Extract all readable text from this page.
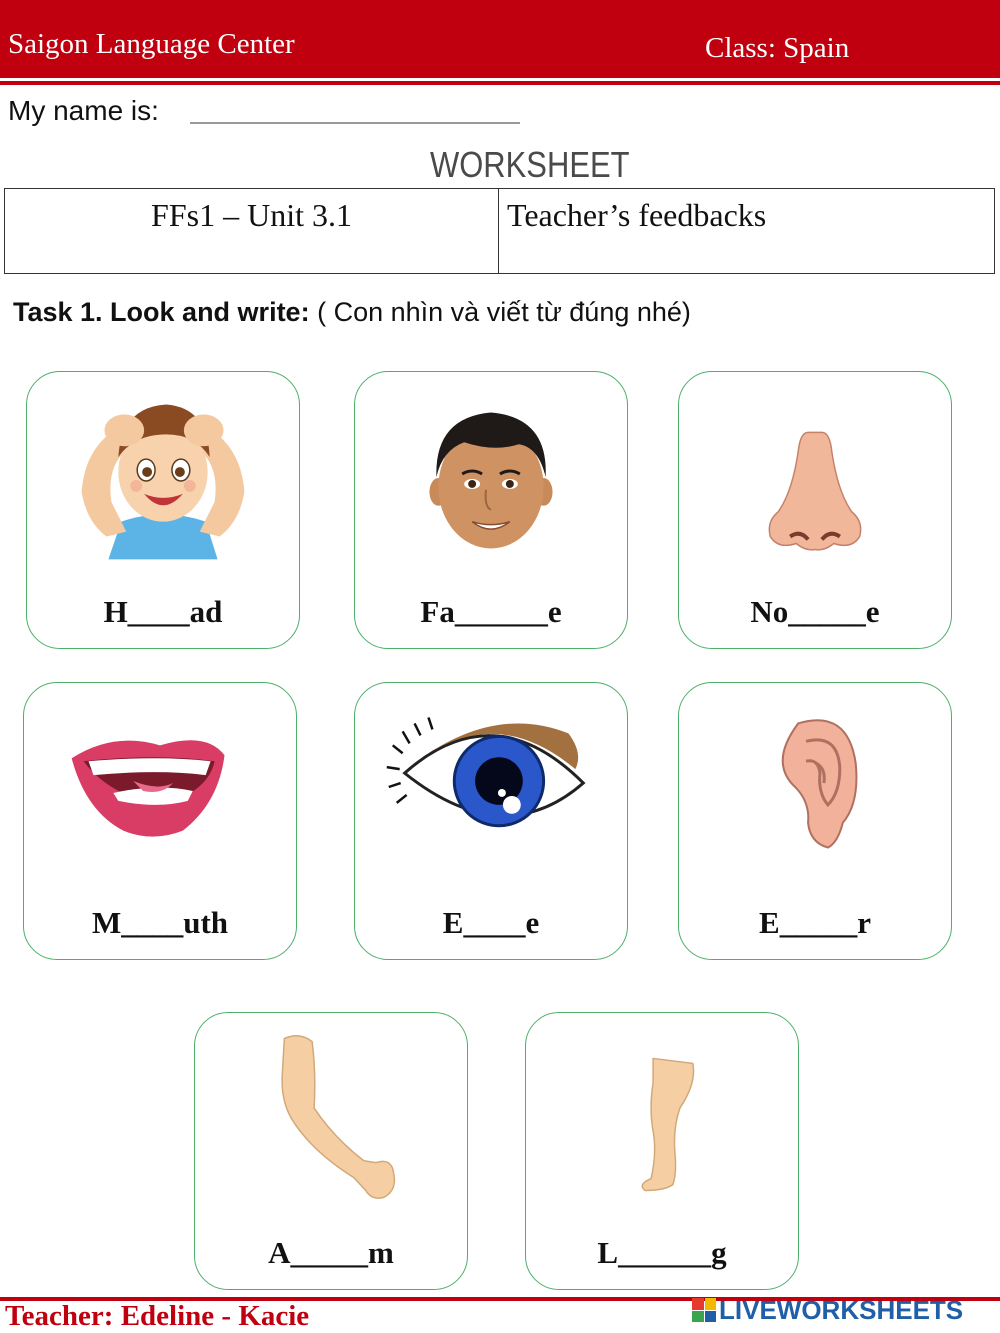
Saigon Language Center	Class: Spain
My name is:
WORKSHEET
FFs1 – Unit 3.1	Teacher’s feedbacks
Task 1. Look and write: ( Con nhìn và viết từ đúng nhé)
H____ad	Fa______e	No_____e
M____uth	E____e	E_____r
A_____m	L______g
Teacher: Edeline - Kacie	LIVEWORKSHEETS
